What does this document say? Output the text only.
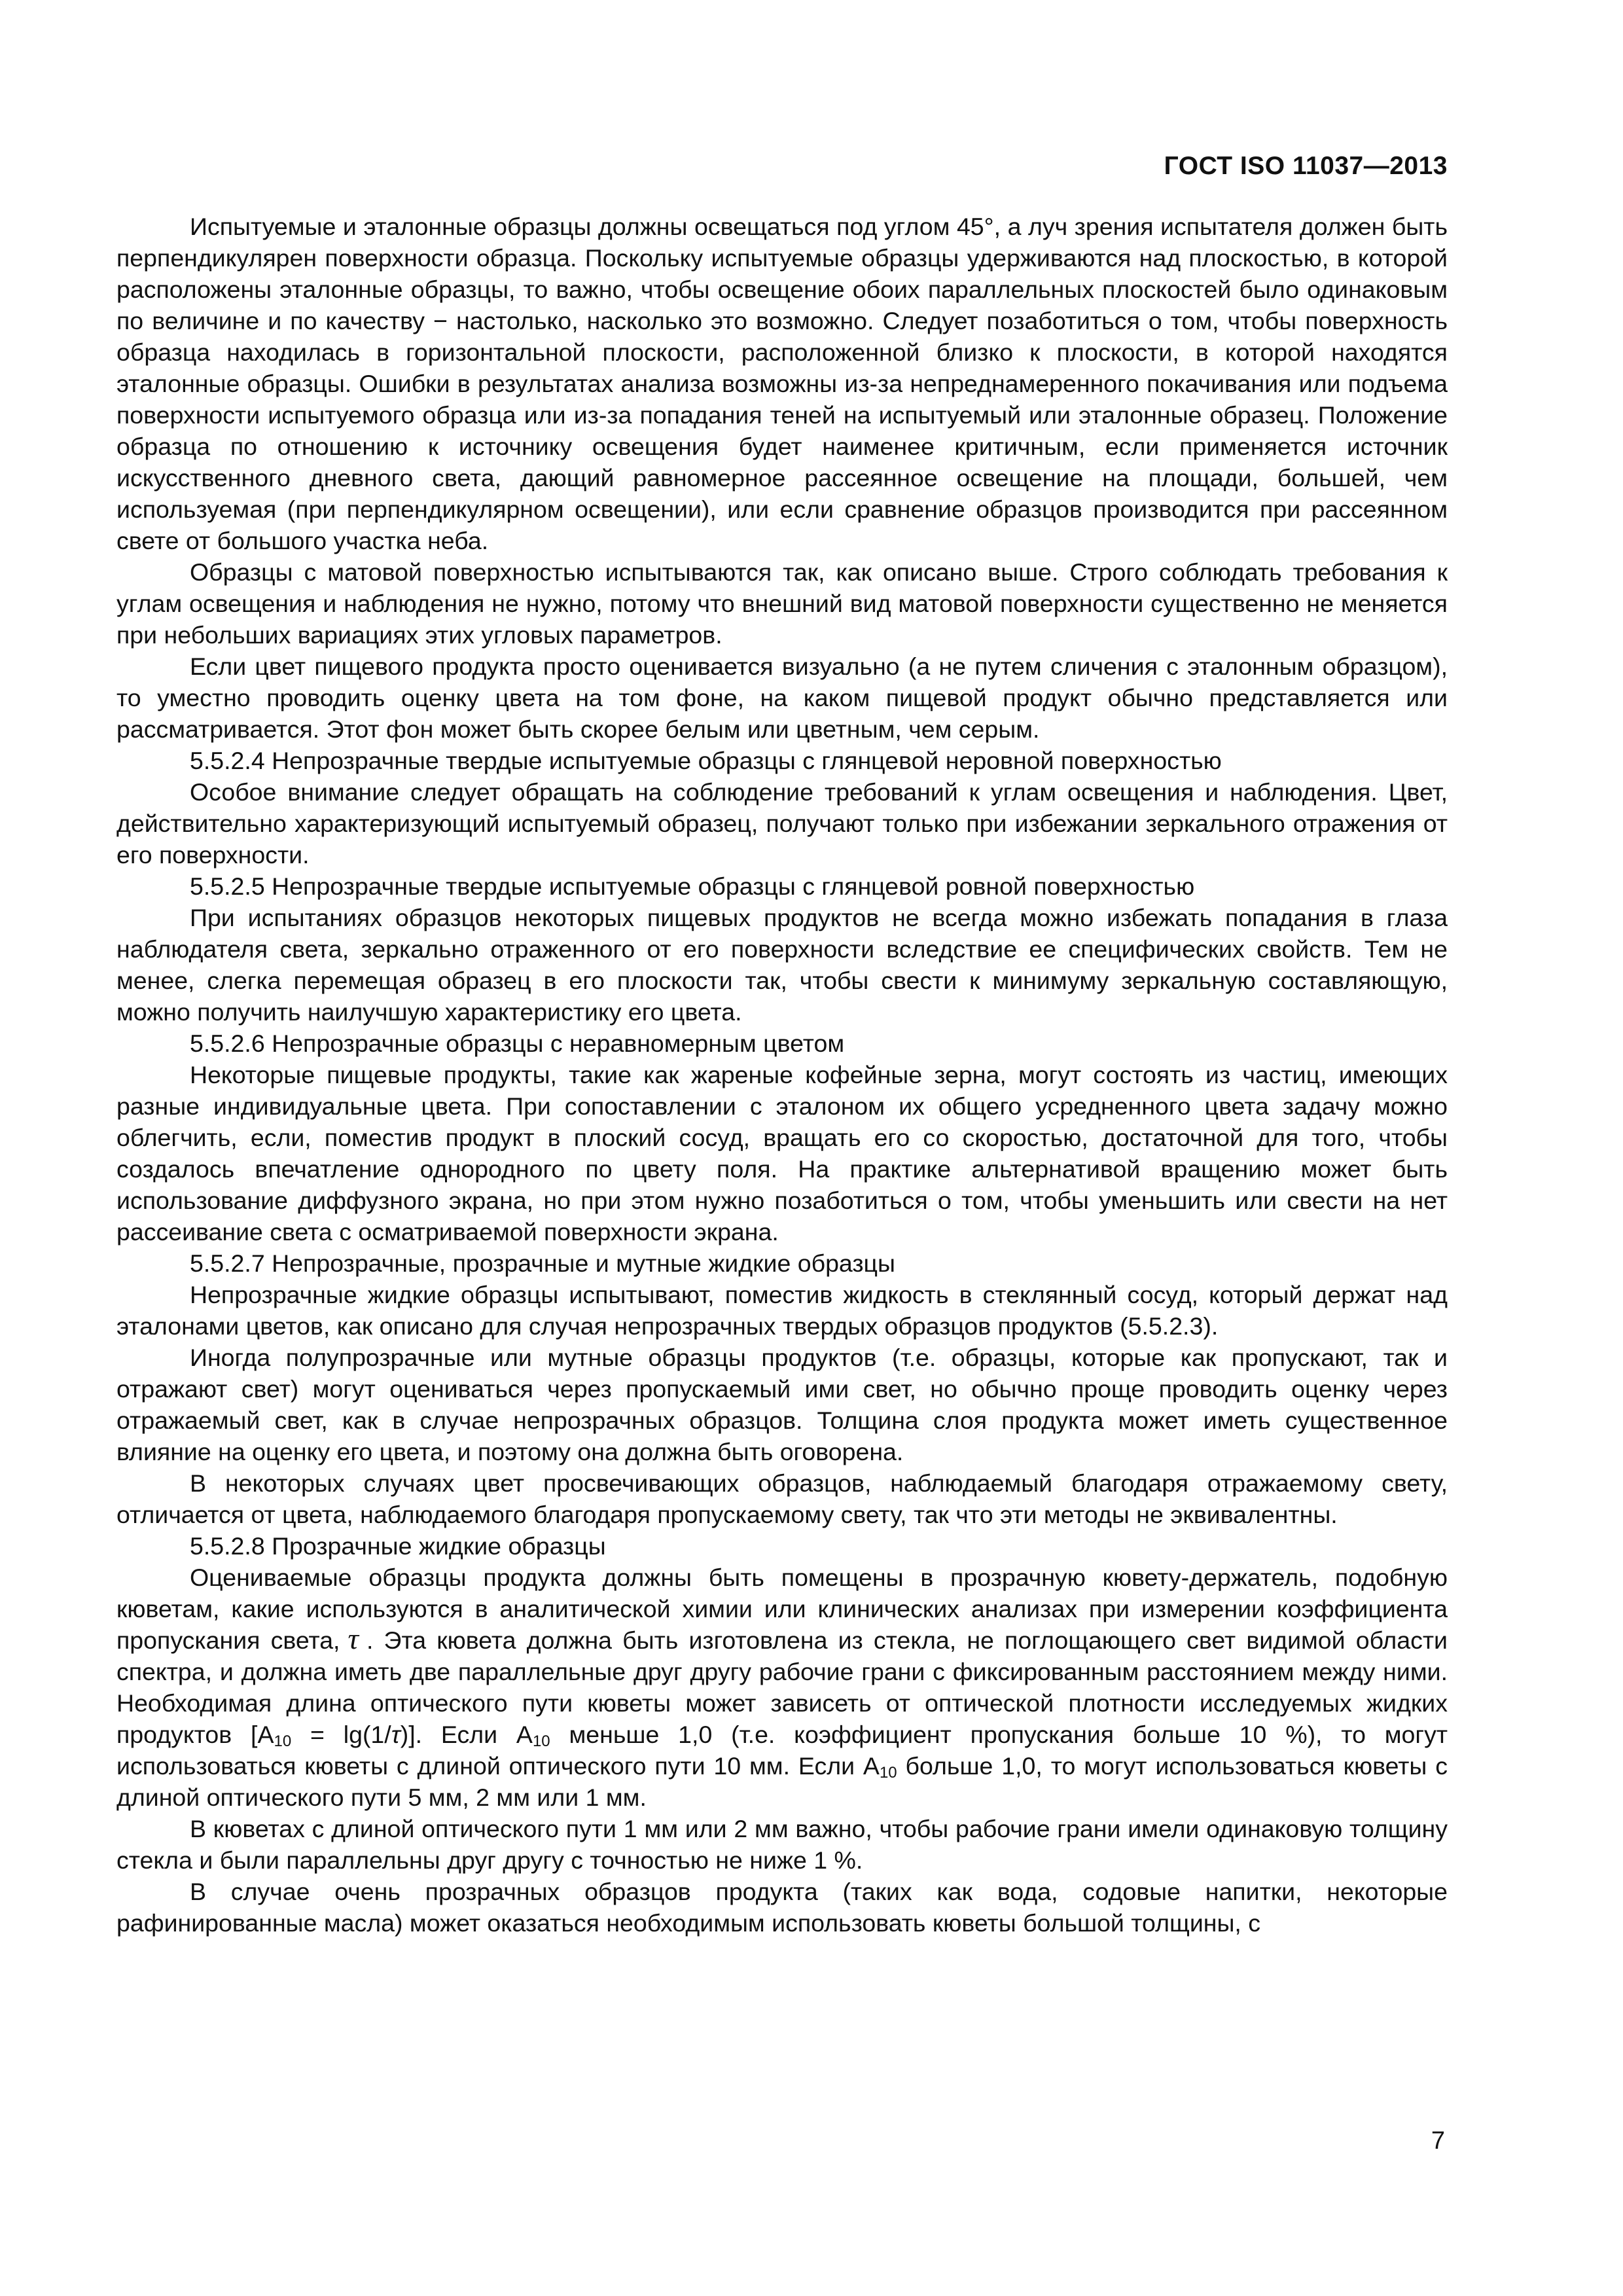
ГОСТ ISO 11037—2013

Испытуемые и эталонные образцы должны освещаться под углом 45°, а луч зрения испытателя должен быть перпендикулярен поверхности образца. Поскольку испытуемые образцы удерживаются над плоскостью, в которой расположены эталонные образцы, то важно, чтобы освещение обоих параллельных плоскостей было одинаковым по величине и по качеству − настолько, насколько это возможно. Следует позаботиться о том, чтобы поверхность образца находилась в горизонтальной плоскости, расположенной близко к плоскости, в которой находятся эталонные образцы. Ошибки в результатах анализа возможны из-за непреднамеренного покачивания или подъема поверхности испытуемого образца или из-за попадания теней на испытуемый или эталонные образец. Положение образца по отношению к источнику освещения будет наименее критичным, если применяется источник искусственного дневного света, дающий равномерное рассеянное освещение на площади, большей, чем используемая (при перпендикулярном освещении), или если сравнение образцов производится при рассеянном свете от большого участка неба.

Образцы с матовой поверхностью испытываются так, как описано выше. Строго соблюдать требования к углам освещения и наблюдения не нужно, потому что внешний вид матовой поверхности существенно не меняется при небольших вариациях этих угловых параметров.

Если цвет пищевого продукта просто оценивается визуально (а не путем сличения с эталонным образцом), то уместно проводить оценку цвета на том фоне, на каком пищевой продукт обычно представляется или рассматривается. Этот фон может быть скорее белым или цветным, чем серым.

5.5.2.4 Непрозрачные твердые испытуемые образцы с глянцевой неровной поверхностью

Особое внимание следует обращать на соблюдение требований к углам освещения и наблюдения. Цвет, действительно характеризующий испытуемый образец, получают только при избежании зеркального отражения от его поверхности.

5.5.2.5 Непрозрачные твердые испытуемые образцы с глянцевой ровной поверхностью

При испытаниях образцов некоторых пищевых продуктов не всегда можно избежать попадания в глаза наблюдателя света, зеркально отраженного от его поверхности вследствие ее специфических свойств. Тем не менее, слегка перемещая образец в его плоскости так, чтобы свести к минимуму зеркальную составляющую, можно получить наилучшую характеристику его цвета.

5.5.2.6 Непрозрачные образцы с неравномерным цветом

Некоторые пищевые продукты, такие как жареные кофейные зерна, могут состоять из частиц, имеющих разные индивидуальные цвета. При сопоставлении с эталоном их общего усредненного цвета задачу можно облегчить, если, поместив продукт в плоский сосуд, вращать его со скоростью, достаточной для того, чтобы создалось впечатление однородного по цвету поля. На практике альтернативой вращению может быть использование диффузного экрана, но при этом нужно позаботиться о том, чтобы уменьшить или свести на нет рассеивание света с осматриваемой поверхности экрана.

5.5.2.7 Непрозрачные, прозрачные и мутные жидкие образцы

Непрозрачные жидкие образцы испытывают, поместив жидкость в стеклянный сосуд, который держат над эталонами цветов, как описано для случая непрозрачных твердых образцов продуктов (5.5.2.3).

Иногда полупрозрачные или мутные образцы продуктов (т.е. образцы, которые как пропускают, так и отражают свет) могут оцениваться через пропускаемый ими свет, но обычно проще проводить оценку через отражаемый свет, как в случае непрозрачных образцов. Толщина слоя продукта может иметь существенное влияние на оценку его цвета, и поэтому она должна быть оговорена.

В некоторых случаях цвет просвечивающих образцов, наблюдаемый благодаря отражаемому свету, отличается от цвета, наблюдаемого благодаря пропускаемому свету, так что эти методы не эквивалентны.

5.5.2.8 Прозрачные жидкие образцы

Оцениваемые образцы продукта должны быть помещены в прозрачную кювету-держатель, подобную кюветам, какие используются в аналитической химии или клинических анализах при измерении коэффициента пропускания света, τ . Эта кювета должна быть изготовлена из стекла, не поглощающего свет видимой области спектра, и должна иметь две параллельные друг другу рабочие грани с фиксированным расстоянием между ними. Необходимая длина оптического пути кюветы может зависеть от оптической плотности исследуемых жидких продуктов $[A_{10} = \lg(1/\tau)]$. Если $A_{10}$ меньше 1,0 (т.е. коэффициент пропускания больше 10 %), то могут использоваться кюветы с длиной оптического пути 10 мм. Если $A_{10}$ больше 1,0, то могут использоваться кюветы с длиной оптического пути 5 мм, 2 мм или 1 мм.

В кюветах с длиной оптического пути 1 мм или 2 мм важно, чтобы рабочие грани имели одинаковую толщину стекла и были параллельны друг другу с точностью не ниже 1 %.

В случае очень прозрачных образцов продукта (таких как вода, содовые напитки, некоторые рафинированные масла) может оказаться необходимым использовать кюветы большой толщины, с

7
